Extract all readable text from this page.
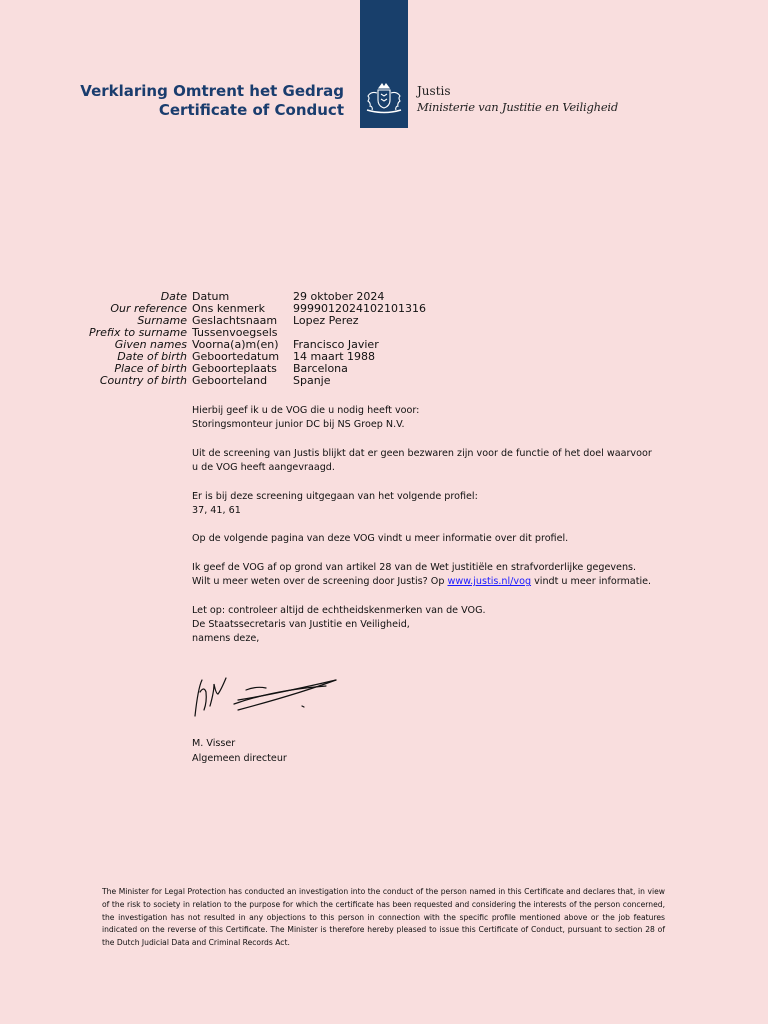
Verklaring Omtrent het Gedrag
Certificate of Conduct
Justis
Ministerie van Justitie en Veiligheid
Date Datum	29 oktober 2024
Our reference Ons kenmerk	999901202410210131​6
Surname Geslachtsnaam Lopez Perez
Prefix to surname Tussenvoegsels
Given names Voorna(a)m(en) Francisco Javier
Date of birth Geboortedatum 14 maart 1988
Place of birth Geboorteplaats Barcelona
Country of birth Geboorteland Spanje

Hierbij geef ik u de VOG die u nodig heeft voor:
Storingsmonteur junior DC bij NS Groep N.V.

Uit de screening van Justis blijkt dat er geen bezwaren zijn voor de functie of het doel waarvoor u de VOG heeft aangevraagd.

Er is bij deze screening uitgegaan van het volgende profiel:
37, 41, 61

Op de volgende pagina van deze VOG vindt u meer informatie over dit profiel.

Ik geef de VOG af op grond van artikel 28 van de Wet justitiële en strafvorderlijke gegevens. Wilt u meer weten over de screening door Justis? Op www.justis.nl/vog vindt u meer informatie.

Let op: controleer altijd de echtheidskenmerken van de VOG.
De Staatssecretaris van Justitie en Veiligheid,
namens deze,

M. Visser
Algemeen directeur
The Minister for Legal Protection has conducted an investigation into the conduct of the person named in this Certificate and declares that, in view of the risk to society in relation to the purpose for which the certificate has been requested and considering the interests of the person concerned, the investigation has not resulted in any objections to this person in connection with the specific profile mentioned above or the job features indicated on the reverse of this Certificate. The Minister is therefore hereby pleased to issue this Certificate of Conduct, pursuant to section 28 of the Dutch Judicial Data and Criminal Records Act.
